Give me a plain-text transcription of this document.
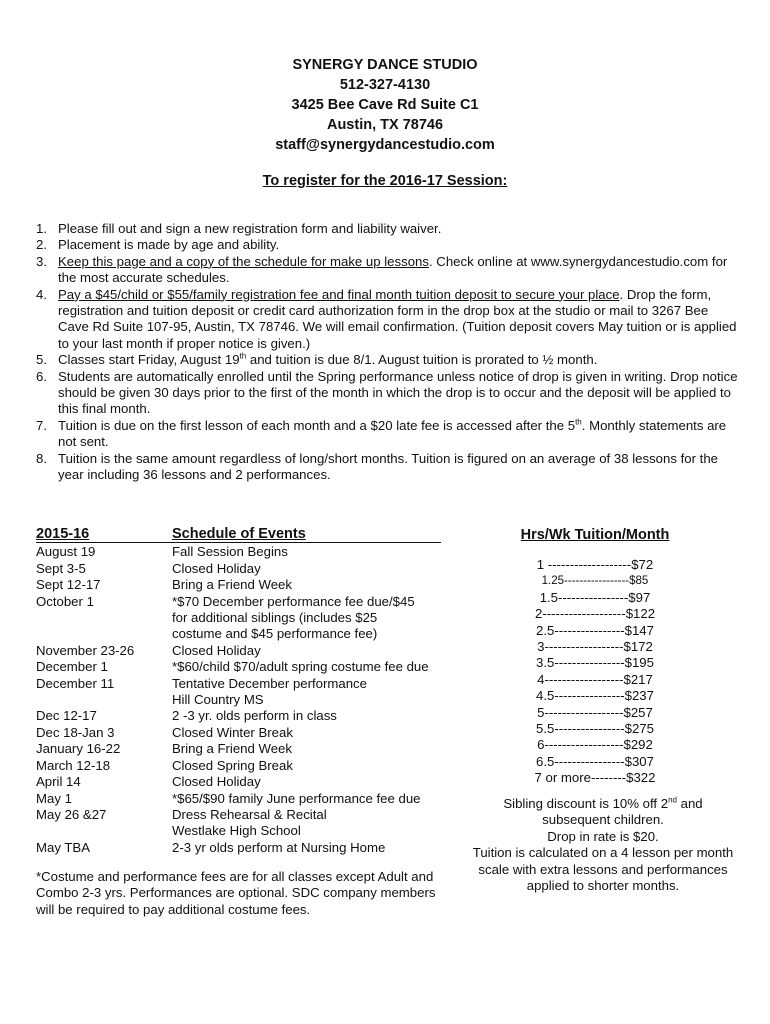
SYNERGY DANCE STUDIO
512-327-4130
3425 Bee Cave Rd Suite C1
Austin, TX 78746
staff@synergydancestudio.com
To register for the 2016-17 Session:
1. Please fill out and sign a new registration form and liability waiver.
2. Placement is made by age and ability.
3. Keep this page and a copy of the schedule for make up lessons. Check online at www.synergydancestudio.com for the most accurate schedules.
4. Pay a $45/child or $55/family registration fee and final month tuition deposit to secure your place. Drop the form, registration and tuition deposit or credit card authorization form in the drop box at the studio or mail to 3267 Bee Cave Rd Suite 107-95, Austin, TX 78746. We will email confirmation. (Tuition deposit covers May tuition or is applied to your last month if proper notice is given.)
5. Classes start Friday, August 19th and tuition is due 8/1. August tuition is prorated to ½ month.
6. Students are automatically enrolled until the Spring performance unless notice of drop is given in writing. Drop notice should be given 30 days prior to the first of the month in which the drop is to occur and the deposit will be applied to this final month.
7. Tuition is due on the first lesson of each month and a $20 late fee is accessed after the 5th. Monthly statements are not sent.
8. Tuition is the same amount regardless of long/short months. Tuition is figured on an average of 38 lessons for the year including 36 lessons and 2 performances.
2015-16	Schedule of Events
August 19	Fall Session Begins
Sept 3-5	Closed Holiday
Sept 12-17	Bring a Friend Week
October 1	*$70 December performance fee due/$45
for additional siblings (includes $25
costume and $45 performance fee)
November 23-26	Closed Holiday
December 1	*$60/child $70/adult spring costume fee due
December 11	Tentative December performance
Hill Country MS
Dec 12-17	2 -3 yr. olds perform in class
Dec 18-Jan 3	Closed Winter Break
January 16-22	Bring a Friend Week
March 12-18	Closed Spring Break
April 14	Closed Holiday
May 1	*$65/$90 family June performance fee due
May 26 &27	Dress Rehearsal & Recital
Westlake High School
May TBA	2-3 yr olds perform at Nursing Home
*Costume and performance fees are for all classes except Adult and Combo 2-3 yrs. Performances are optional. SDC company members will be required to pay additional costume fees.
Hrs/Wk Tuition/Month
1 -------------------$72
1.25-----------------$85
1.5----------------$97
2-------------------$122
2.5----------------$147
3------------------$172
3.5----------------$195
4------------------$217
4.5----------------$237
5------------------$257
5.5----------------$275
6------------------$292
6.5----------------$307
7 or more--------$322
Sibling discount is 10% off 2nd and subsequent children.
Drop in rate is $20.
Tuition is calculated on a 4 lesson per month scale with extra lessons and performances applied to shorter months.
